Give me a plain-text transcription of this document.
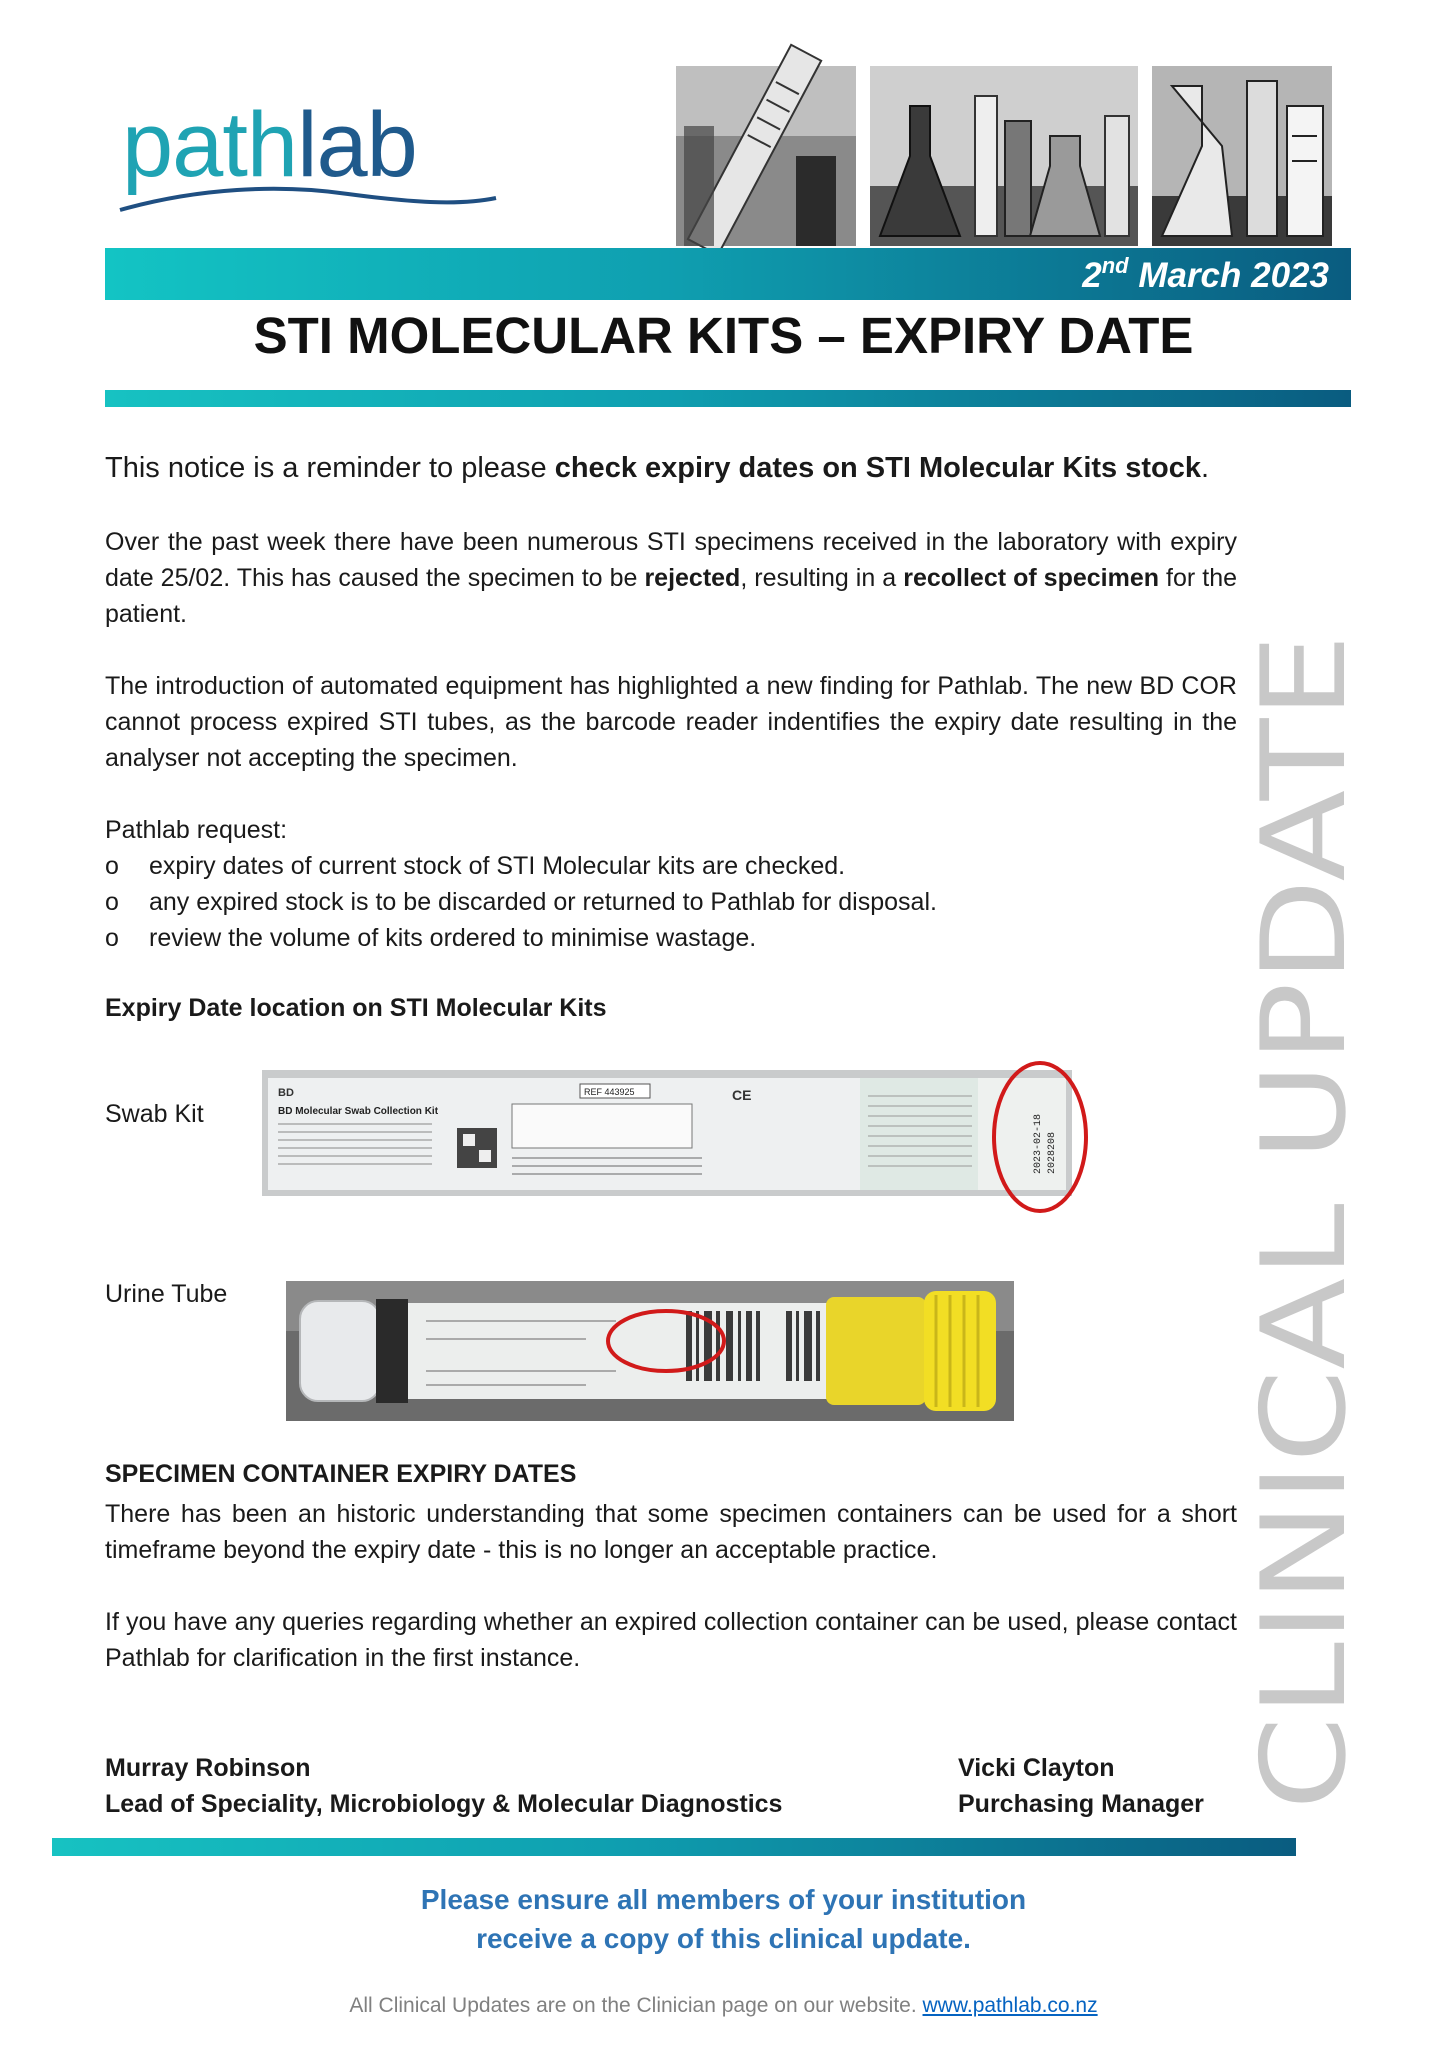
pathlab
2nd March 2023
STI MOLECULAR KITS – EXPIRY DATE
This notice is a reminder to please check expiry dates on STI Molecular Kits stock.
Over the past week there have been numerous STI specimens received in the laboratory with expiry date 25/02. This has caused the specimen to be rejected, resulting in a recollect of specimen for the patient.
The introduction of automated equipment has highlighted a new finding for Pathlab. The new BD COR cannot process expired STI tubes, as the barcode reader indentifies the expiry date resulting in the analyser not accepting the specimen.
Pathlab request:
o expiry dates of current stock of STI Molecular kits are checked.
o any expired stock is to be discarded or returned to Pathlab for disposal.
o review the volume of kits ordered to minimise wastage.
Expiry Date location on STI Molecular Kits
Swab Kit
Urine Tube
BD
BD Molecular Swab Collection Kit
REF 443925	CE
2023-02-18 2028208
SPECIMEN CONTAINER EXPIRY DATES
There has been an historic understanding that some specimen containers can be used for a short timeframe beyond the expiry date - this is no longer an acceptable practice.
If you have any queries regarding whether an expired collection container can be used, please contact Pathlab for clarification in the first instance.
Murray Robinson
Lead of Speciality, Microbiology & Molecular Diagnostics
Vicki Clayton
Purchasing Manager CLINICAL UPDATE
Please ensure all members of your institution
receive a copy of this clinical update.
All Clinical Updates are on the Clinician page on our website. www.pathlab.co.nz
